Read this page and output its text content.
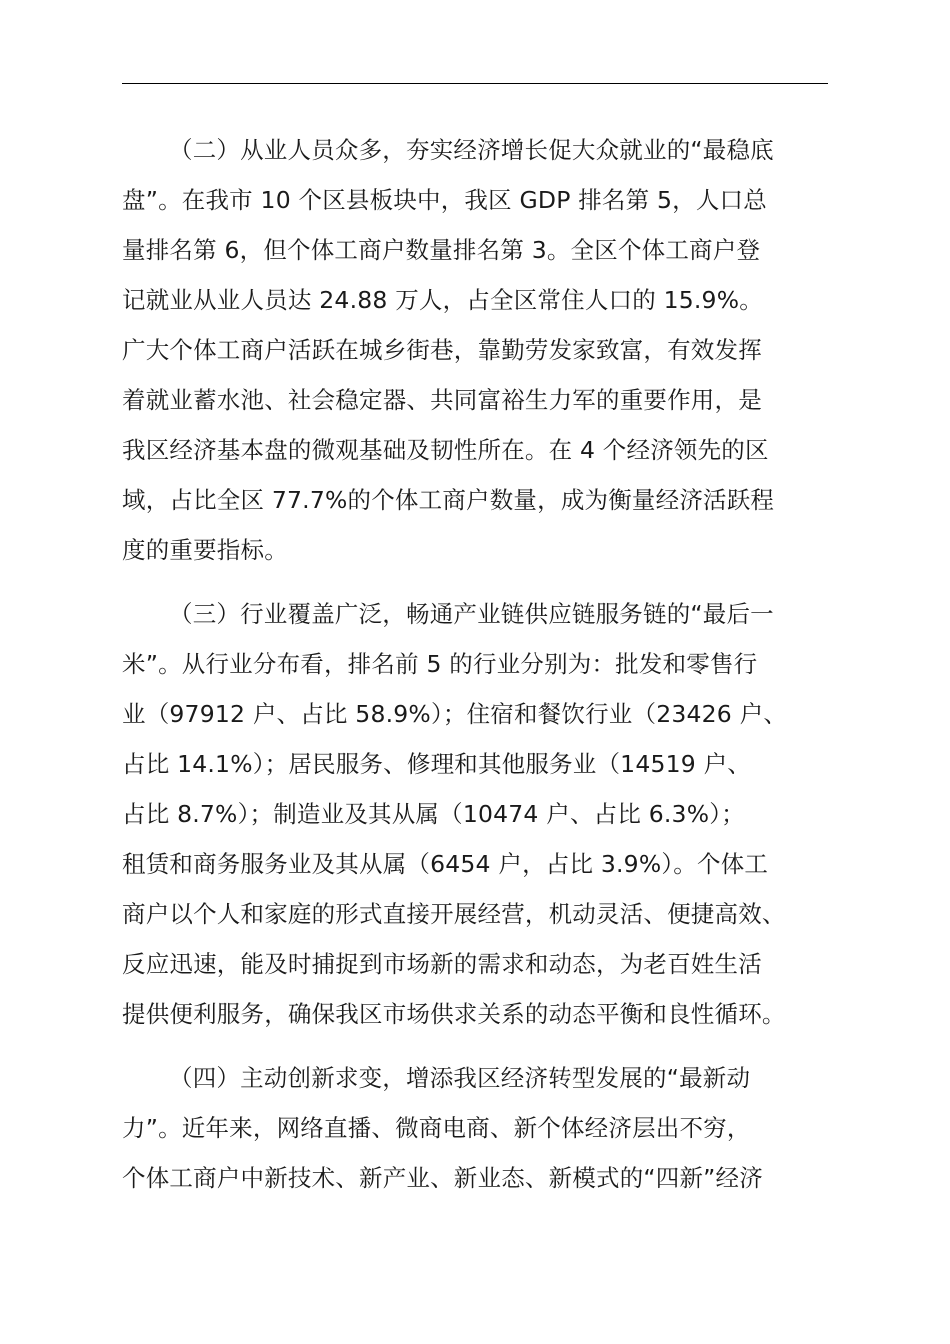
（二）从业人员众多，夯实经济增长促大众就业的“最稳底
盘”。在我市 10 个区县板块中，我区 GDP 排名第 5，人口总
量排名第 6，但个体工商户数量排名第 3。全区个体工商户登
记就业从业人员达 24.88 万人，占全区常住人口的 15.9%。
广大个体工商户活跃在城乡街巷，靠勤劳发家致富，有效发挥
着就业蓄水池、社会稳定器、共同富裕生力军的重要作用，是
我区经济基本盘的微观基础及韧性所在。在 4 个经济领先的区
域，占比全区 77.7%的个体工商户数量，成为衡量经济活跃程
度的重要指标。
（三）行业覆盖广泛，畅通产业链供应链服务链的“最后一
米”。从行业分布看，排名前 5 的行业分别为：批发和零售行
业（97912 户、占比 58.9%）；住宿和餐饮行业（23426 户、
占比 14.1%）；居民服务、修理和其他服务业（14519 户、
占比 8.7%）；制造业及其从属（10474 户、占比 6.3%）；
租赁和商务服务业及其从属（6454 户，占比 3.9%）。个体工
商户以个人和家庭的形式直接开展经营，机动灵活、便捷高效、
反应迅速，能及时捕捉到市场新的需求和动态，为老百姓生活
提供便利服务，确保我区市场供求关系的动态平衡和良性循环。
（四）主动创新求变，增添我区经济转型发展的“最新动
力”。近年来，网络直播、微商电商、新个体经济层出不穷，
个体工商户中新技术、新产业、新业态、新模式的“四新”经济
